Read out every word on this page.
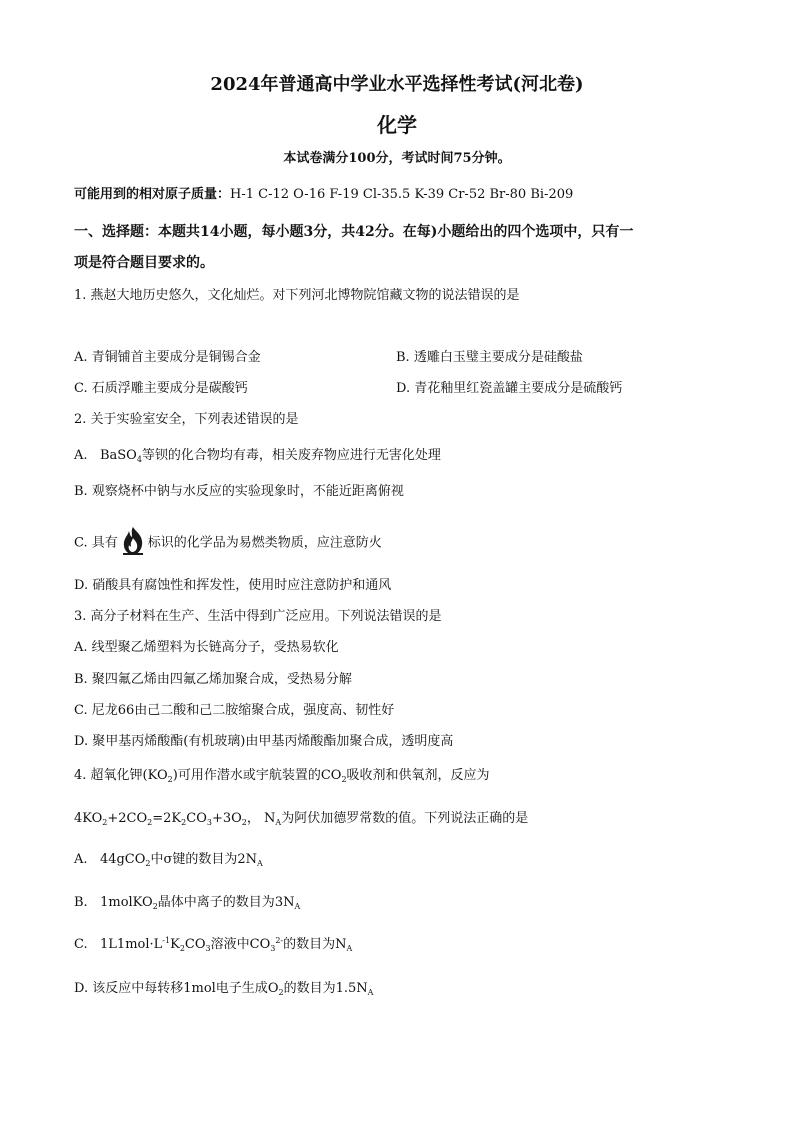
2024年普通高中学业水平选择性考试(河北卷)
化学
本试卷满分100分，考试时间75分钟。
可能用到的相对原子质量：H-1 C-12 O-16 F-19 Cl-35.5 K-39 Cr-52 Br-80 Bi-209
一、选择题：本题共14小题，每小题3分，共42分。在每)小题给出的四个选项中，只有一
项是符合题目要求的。
1. 燕赵大地历史悠久，文化灿烂。对下列河北博物院馆藏文物的说法错误的是
A. 青铜铺首主要成分是铜锡合金	B. 透雕白玉璧主要成分是硅酸盐
C. 石质浮雕主要成分是碳酸钙	D. 青花釉里红瓷盖罐主要成分是硫酸钙
2. 关于实验室安全，下列表述错误的是
A. BaSO$_4$等钡的化合物均有毒，相关废弃物应进行无害化处理
B. 观察烧杯中钠与水反应的实验现象时，不能近距离俯视
C. 具有 标识的化学品为易燃类物质，应注意防火
D. 硝酸具有腐蚀性和挥发性，使用时应注意防护和通风
3. 高分子材料在生产、生活中得到广泛应用。下列说法错误的是
A. 线型聚乙烯塑料为长链高分子，受热易软化
B. 聚四氟乙烯由四氟乙烯加聚合成，受热易分解
C. 尼龙66由己二酸和己二胺缩聚合成，强度高、韧性好
D. 聚甲基丙烯酸酯(有机玻璃)由甲基丙烯酸酯加聚合成，透明度高
4. 超氧化钾$(KO_2)$可用作潜水或宇航装置的$CO_2$吸收剂和供氧剂，反应为
$4KO_2+2CO_2=2K_2CO_3+3O_2$， $N_A$为阿伏加德罗常数的值。下列说法正确的是
A. 44gCO$_2$中σ键的数目为$2N_A$
B. 1molKO$_2$晶体中离子的数目为$3N_A$
C. $1L1mol\cdot L^{-1}K_2CO_3$溶液中$CO_3^{2-}$的数目为$N_A$
D. 该反应中每转移1mol电子生成$O_2$的数目为$1.5N_A$
